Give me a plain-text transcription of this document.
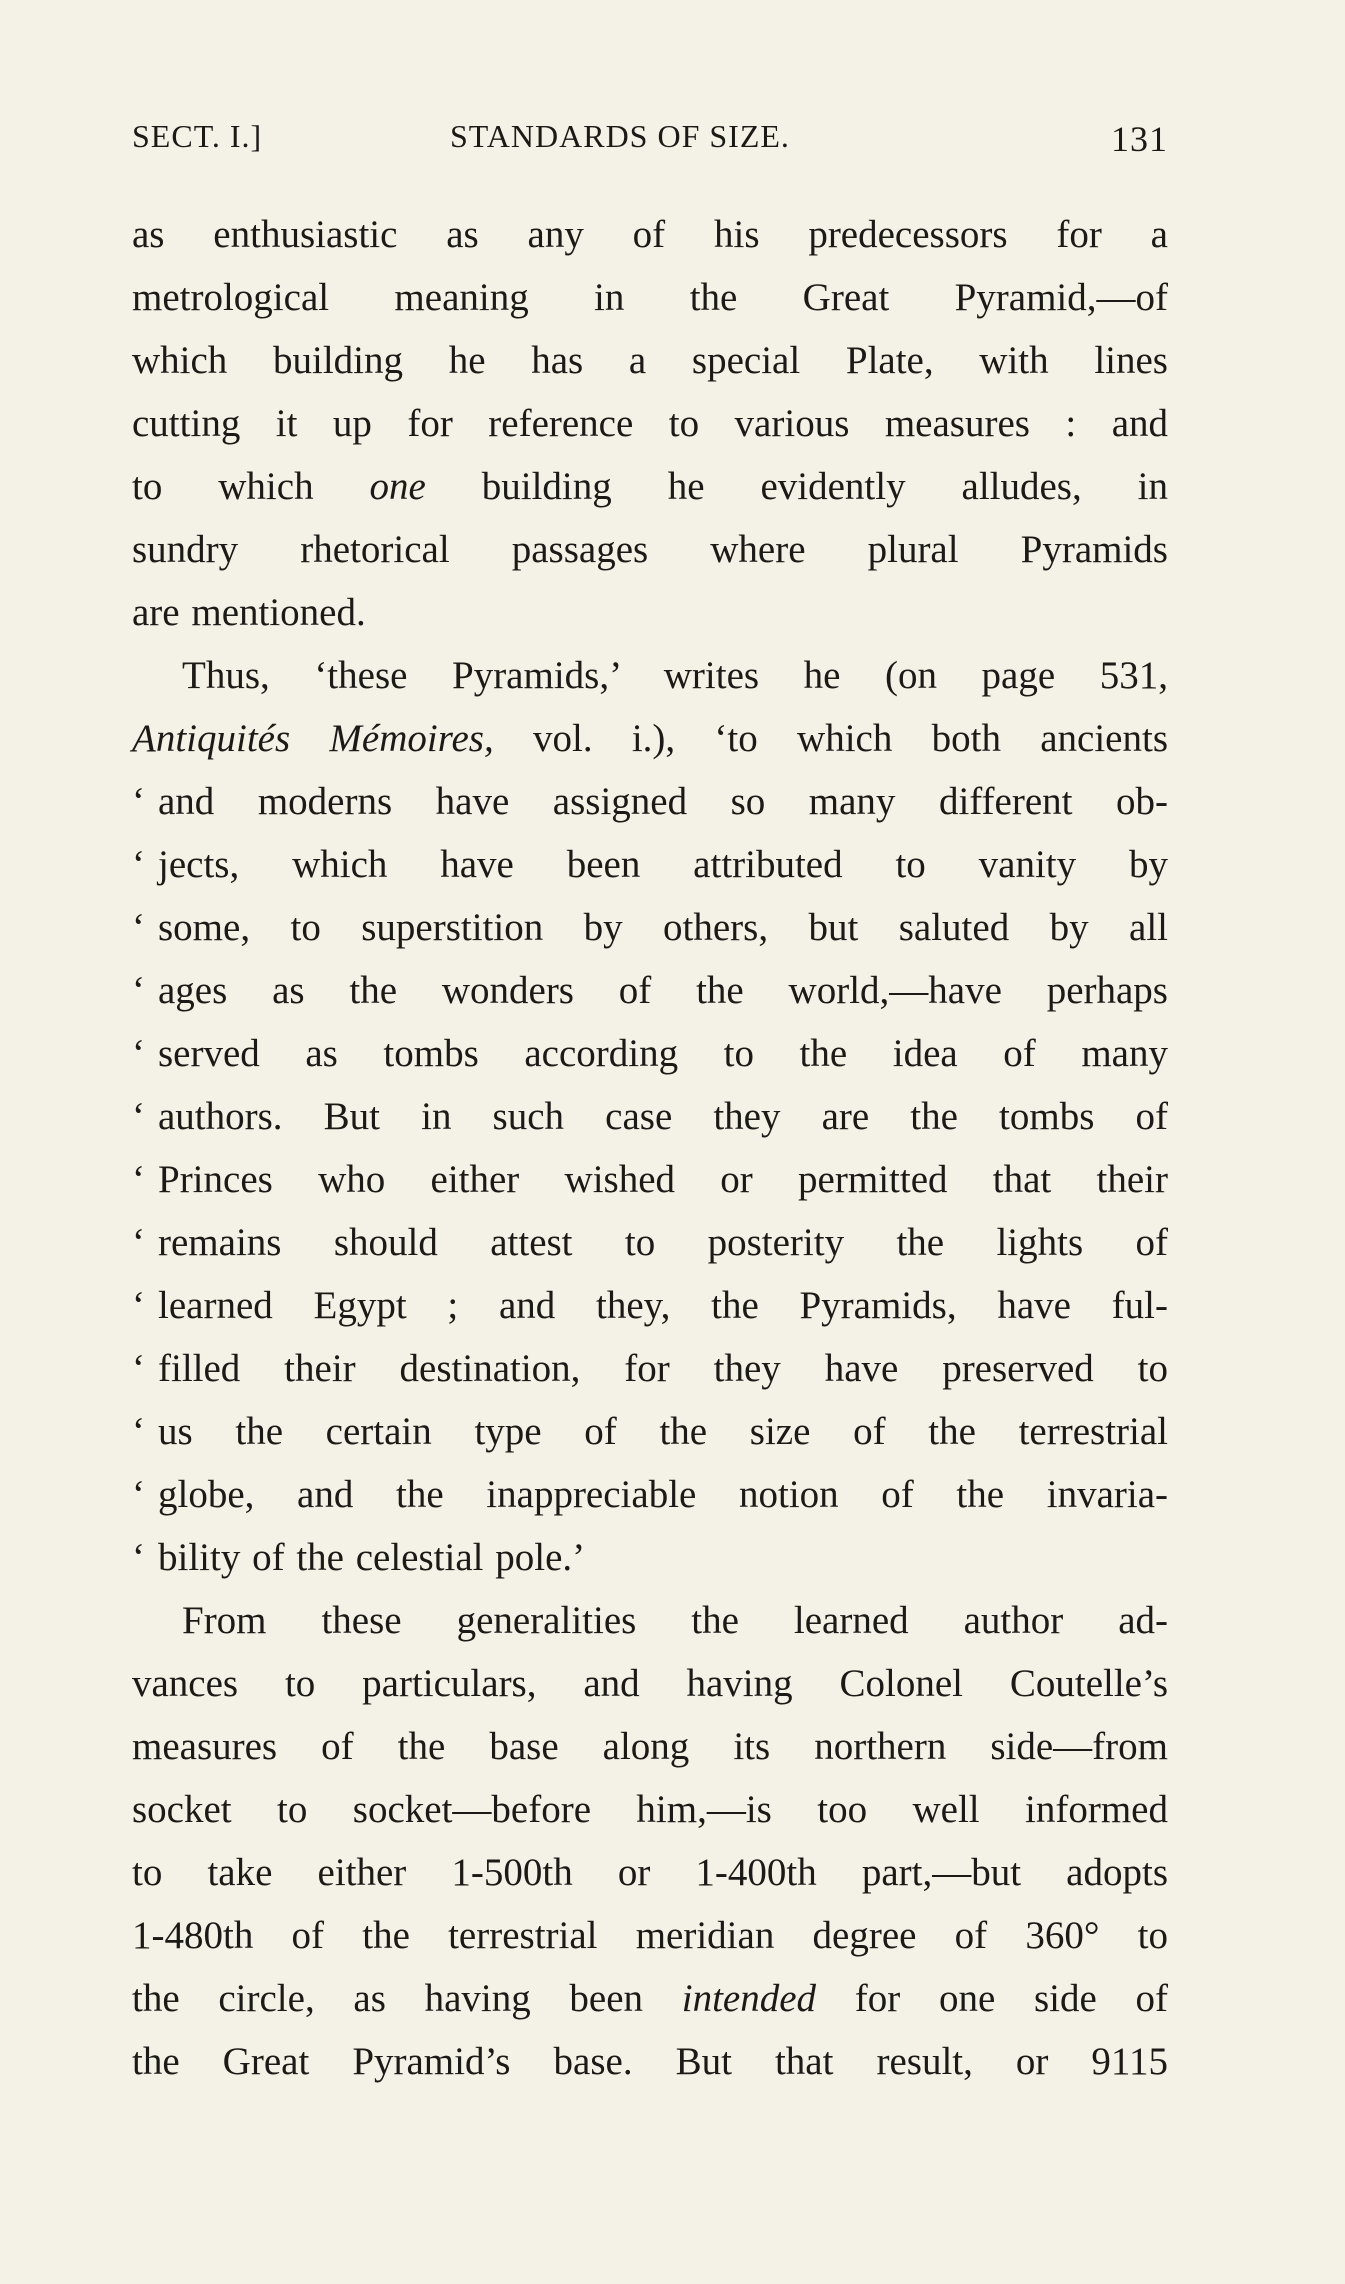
SECT. I.]	STANDARDS OF SIZE.	131
as enthusiastic as any of his predecessors for a
metrological meaning in the Great Pyramid,—of
which building he has a special Plate, with lines
cutting it up for reference to various measures : and
to which one building he evidently alludes, in
sundry rhetorical passages where plural Pyramids
are mentioned.
Thus, ‘these Pyramids,’ writes he (on page 531,
Antiquités Mémoires, vol. i.), ‘to which both ancients
‘ and moderns have assigned so many different ob-
‘ jects, which have been attributed to vanity by
‘ some, to superstition by others, but saluted by all
‘ ages as the wonders of the world,—have perhaps
‘ served as tombs according to the idea of many
‘ authors. But in such case they are the tombs of
‘ Princes who either wished or permitted that their
‘ remains should attest to posterity the lights of
‘ learned Egypt ; and they, the Pyramids, have ful-
‘ filled their destination, for they have preserved to
‘ us the certain type of the size of the terrestrial
‘ globe, and the inappreciable notion of the invaria-
‘ bility of the celestial pole.’
From these generalities the learned author ad-
vances to particulars, and having Colonel Coutelle’s
measures of the base along its northern side—from
socket to socket—before him,—is too well informed
to take either 1-500th or 1-400th part,—but adopts
1-480th of the terrestrial meridian degree of 360° to
the circle, as having been intended for one side of
the Great Pyramid’s base. But that result, or 9115
